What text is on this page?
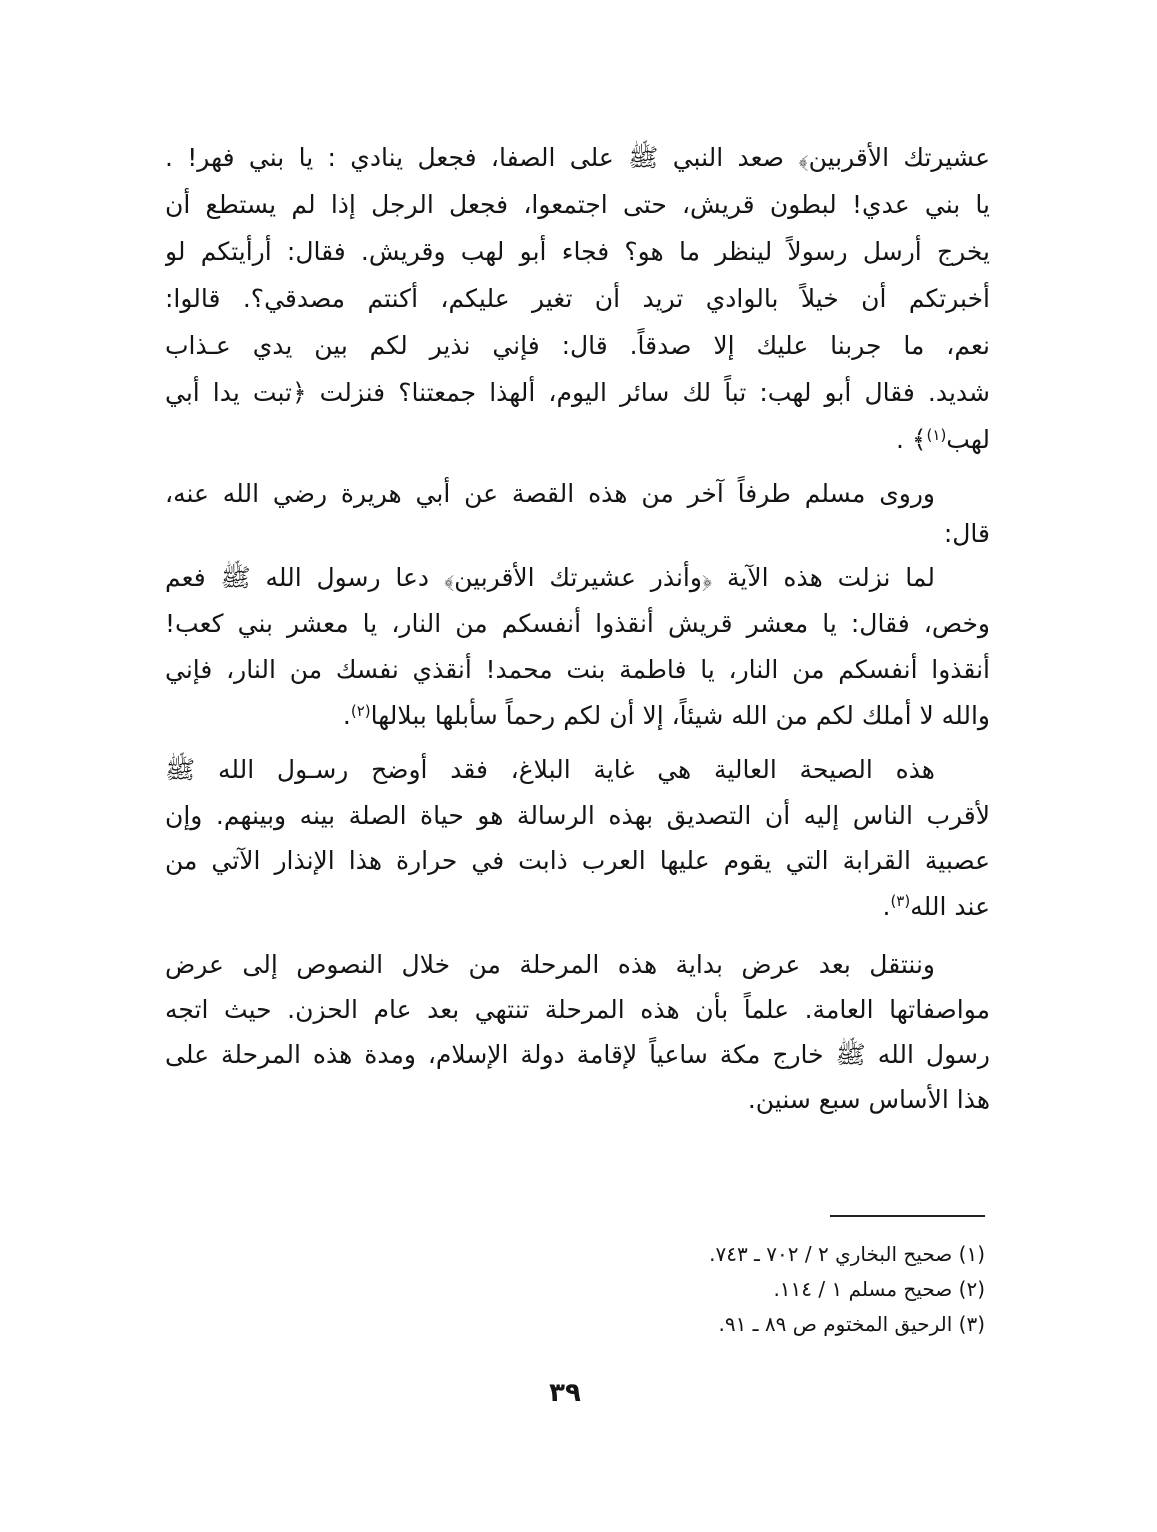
عشيرتك الأقربين﴾ صعد النبي ﷺ على الصفا، فجعل ينادي : يا بني فهر! .
يا بني عدي! لبطون قريش، حتى اجتمعوا، فجعل الرجل إذا لم يستطع أن
يخرج أرسل رسولاً لينظر ما هو؟ فجاء أبو لهب وقريش. فقال: أرأيتكم لو
أخبرتكم أن خيلاً بالوادي تريد أن تغير عليكم، أكنتم مصدقي؟. قالوا:
نعم، ما جربنا عليك إلا صدقاً. قال: فإني نذير لكم بين يدي عـذاب
شديد. فقال أبو لهب: تباً لك سائر اليوم، ألهذا جمعتنا؟ فنزلت ﴿تبت يدا أبي
لهب$^{(١)}$﴾ .
وروى مسلم طرفاً آخر من هذه القصة عن أبي هريرة رضي الله عنه،
قال:
لما نزلت هذه الآية ﴿وأنذر عشيرتك الأقربين﴾ دعا رسول الله ﷺ فعم
وخص، فقال: يا معشر قريش أنقذوا أنفسكم من النار، يا معشر بني كعب!
أنقذوا أنفسكم من النار، يا فاطمة بنت محمد! أنقذي نفسك من النار، فإني
والله لا أملك لكم من الله شيئاً، إلا أن لكم رحماً سأبلها ببلالها$^{(٢)}$.
هذه الصيحة العالية هي غاية البلاغ، فقد أوضح رسـول الله ﷺ
لأقرب الناس إليه أن التصديق بهذه الرسالة هو حياة الصلة بينه وبينهم. وإن
عصبية القرابة التي يقوم عليها العرب ذابت في حرارة هذا الإنذار الآتي من
عند الله$^{(٣)}$.
وننتقل بعد عرض بداية هذه المرحلة من خلال النصوص إلى عرض
مواصفاتها العامة. علماً بأن هذه المرحلة تنتهي بعد عام الحزن. حيث اتجه
رسول الله ﷺ خارج مكة ساعياً لإقامة دولة الإسلام، ومدة هذه المرحلة على
هذا الأساس سبع سنين.
(١) صحيح البخاري ٢ / ٧٠٢ ـ ٧٤٣.
(٢) صحيح مسلم ١ / ١١٤.
(٣) الرحيق المختوم ص ٨٩ ـ ٩١.
٣٩
